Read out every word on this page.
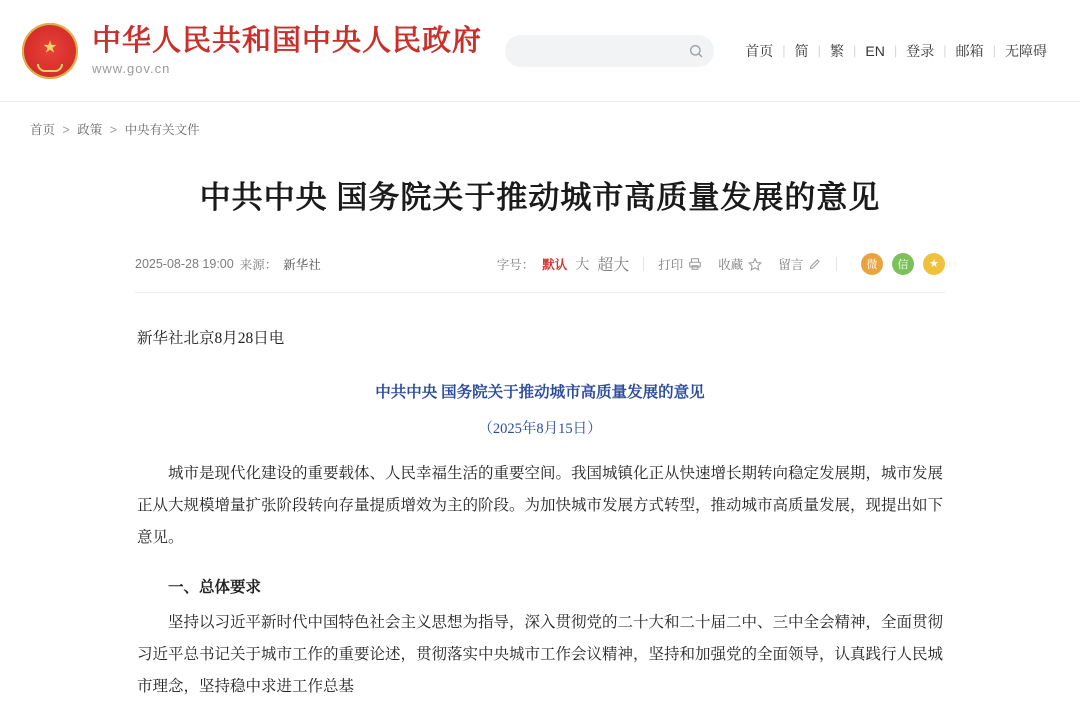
★ 中华人民共和国中央人民政府
www.gov.cn
首页 | 简 | 繁 | EN | 登录 | 邮箱 | 无障碍
首页 > 政策 > 中央有关文件
中共中央 国务院关于推动城市高质量发展的意见
2025-08-28 19:00 来源： 新华社	字号： 默认 大 超大 打印	收藏	留言	微	信	★

新华社北京8月28日电

中共中央 国务院关于推动城市高质量发展的意见

（2025年8月15日）

城市是现代化建设的重要载体、人民幸福生活的重要空间。我国城镇化正从快速增长期转向稳定发展期，城市发展正从大规模增量扩张阶段转向存量提质增效为主的阶段。为加快城市发展方式转型，推动城市高质量发展，现提出如下意见。

一、总体要求

坚持以习近平新时代中国特色社会主义思想为指导，深入贯彻党的二十大和二十届二中、三中全会精神，全面贯彻习近平总书记关于城市工作的重要论述，贯彻落实中央城市工作会议精神，坚持和加强党的全面领导，认真践行人民城市理念，坚持稳中求进工作总基
